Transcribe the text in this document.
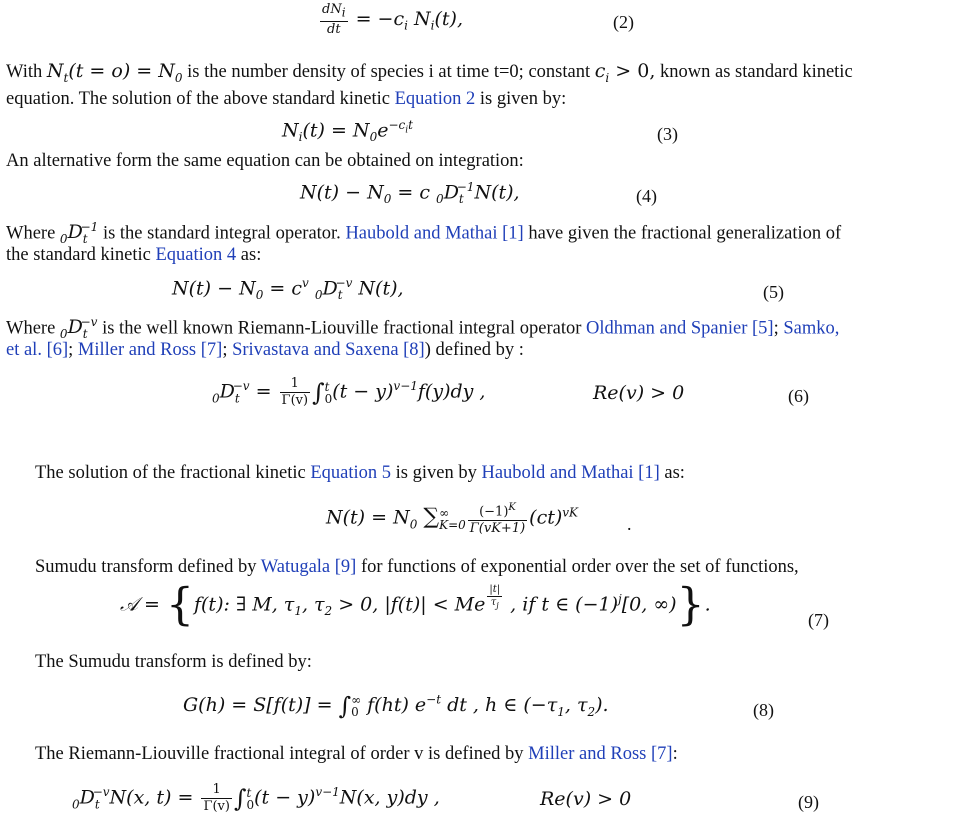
$\frac{dN_i}{dt} = -c_i$ $N_i(t)$,	(2)
With $N_t(t = o) = N_0$ is the number density of species i at time t=0; constant $c_i > 0$, known as standard kinetic
equation. The solution of the above standard kinetic Equation 2 is given by:
$N_i(t) = N_0e^{-c_it}$	(3)
An alternative form the same equation can be obtained on integration:
$N(t) - N_0 = c$ $_0D_t^{-1}N(t)$,	(4)
Where $_0D_t^{-1}$ is the standard integral operator. Haubold and Mathai [1] have given the fractional generalization of
the standard kinetic Equation 4 as:
$N(t) - N_0 = c^v$ $_0D_t^{-v}$ N(t),	(5)
Where $_0D_t^{-v}$ is the well known Riemann-Liouville fractional integral operator Oldhman and Spanier [5]; Samko,
et al. [6]; Miller and Ross [7]; Srivastava and Saxena [8]) defined by :
$_0D_t^{-v} = \frac{1}{\Gamma(v)}$ ∫ t
0 $(t - y)^{v-1}f(y)dy$ ,	Re(v) > 0	(6)
The solution of the fractional kinetic Equation 5 is given by Haubold and Mathai [1] as:
$N(t) = N_0$ ∑ ∞
$K=0 \frac{(-1)^K}{\Gamma(vK+1)} (ct)^{vK}$
.
Sumudu transform defined by Watugala [9] for functions of exponential order over the set of functions,
𝒜 = {f(t): ∃ M, $\tau_1$, $\tau_2 > 0$, |f(t)| < Me $\frac{|t|}{\tau_j}$ , if t ∈ $(-1)^j[0$, ∞)}.
(7)
The Sumudu transform is defined by:
G(h) = S[f(t)] = ∫ ∞
0 f(ht) $e^{-t}$ dt , h ∈ ($-\tau_1$, $\tau_2$).	(8)
The Riemann-Liouville fractional integral of order v is defined by Miller and Ross [7]:
$_0D_t^{-v}N(x$, $t) = \frac{1}{\Gamma(v)}$ ∫ t
0 $(t - y)^{v-1}N(x$, y)dy ,	Re(v) > 0	(9)
